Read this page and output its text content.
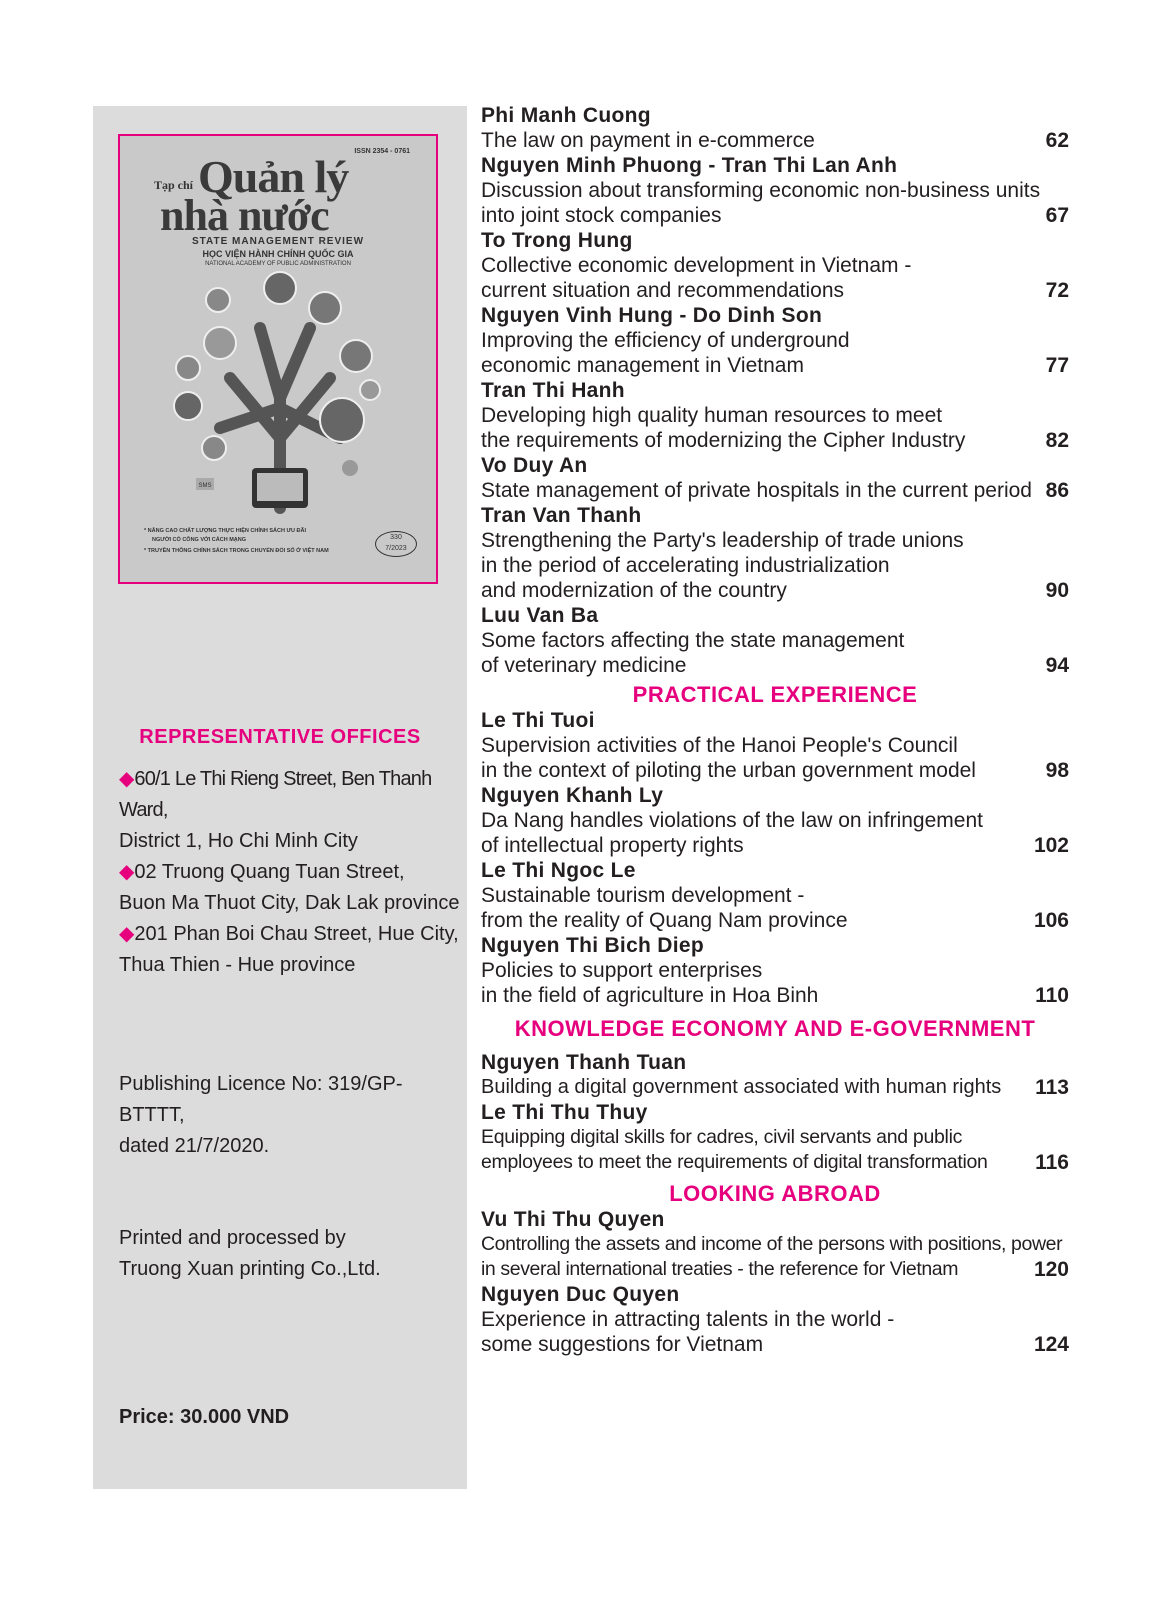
ISSN 2354 - 0761
Quản lý
Tạp chí
nhà nước
STATE MANAGEMENT REVIEW
HỌC VIỆN HÀNH CHÍNH QUỐC GIA
NATIONAL ACADEMY OF PUBLIC ADMINISTRATION
SMS
* NÂNG CAO CHẤT LƯỢNG THỰC HIỆN CHÍNH SÁCH ƯU ĐÃI
NGƯỜI CÓ CÔNG VỚI CÁCH MẠNG
* TRUYỀN THÔNG CHÍNH SÁCH TRONG CHUYỂN ĐỔI SỐ Ở VIỆT NAM
330
7/2023
REPRESENTATIVE OFFICES
◆60/1 Le Thi Rieng Street, Ben Thanh Ward,
District 1, Ho Chi Minh City
◆02 Truong Quang Tuan Street,
Buon Ma Thuot City, Dak Lak province
◆201 Phan Boi Chau Street, Hue City,
Thua Thien - Hue province
Publishing Licence No: 319/GP-BTTTT,
dated 21/7/2020.
Printed and processed by
Truong Xuan printing Co.,Ltd.
Price: 30.000 VND
Phi Manh Cuong
The law on payment in e-commerce	62
Nguyen Minh Phuong - Tran Thi Lan Anh
Discussion about transforming economic non-business units
into joint stock companies	67
To Trong Hung
Collective economic development in Vietnam -
current situation and recommendations	72
Nguyen Vinh Hung - Do Dinh Son
Improving the efficiency of underground
economic management in Vietnam	77
Tran Thi Hanh
Developing high quality human resources to meet
the requirements of modernizing the Cipher Industry	82
Vo Duy An
State management of private hospitals in the current period 86
Tran Van Thanh
Strengthening the Party's leadership of trade unions
in the period of accelerating industrialization
and modernization of the country	90
Luu Van Ba
Some factors affecting the state management
of veterinary medicine	94
PRACTICAL EXPERIENCE
Le Thi Tuoi
Supervision activities of the Hanoi People's Council
in the context of piloting the urban government model	98
Nguyen Khanh Ly
Da Nang handles violations of the law on infringement
of intellectual property rights	102
Le Thi Ngoc Le
Sustainable tourism development -
from the reality of Quang Nam province	106
Nguyen Thi Bich Diep
Policies to support enterprises
in the field of agriculture in Hoa Binh	110
KNOWLEDGE ECONOMY AND E-GOVERNMENT
Nguyen Thanh Tuan
Building a digital government associated with human rights	113
Le Thi Thu Thuy
Equipping digital skills for cadres, civil servants and public
employees to meet the requirements of digital transformation	116
LOOKING ABROAD
Vu Thi Thu Quyen
Controlling the assets and income of the persons with positions, power
in several international treaties - the reference for Vietnam	120
Nguyen Duc Quyen
Experience in attracting talents in the world -
some suggestions for Vietnam	124
